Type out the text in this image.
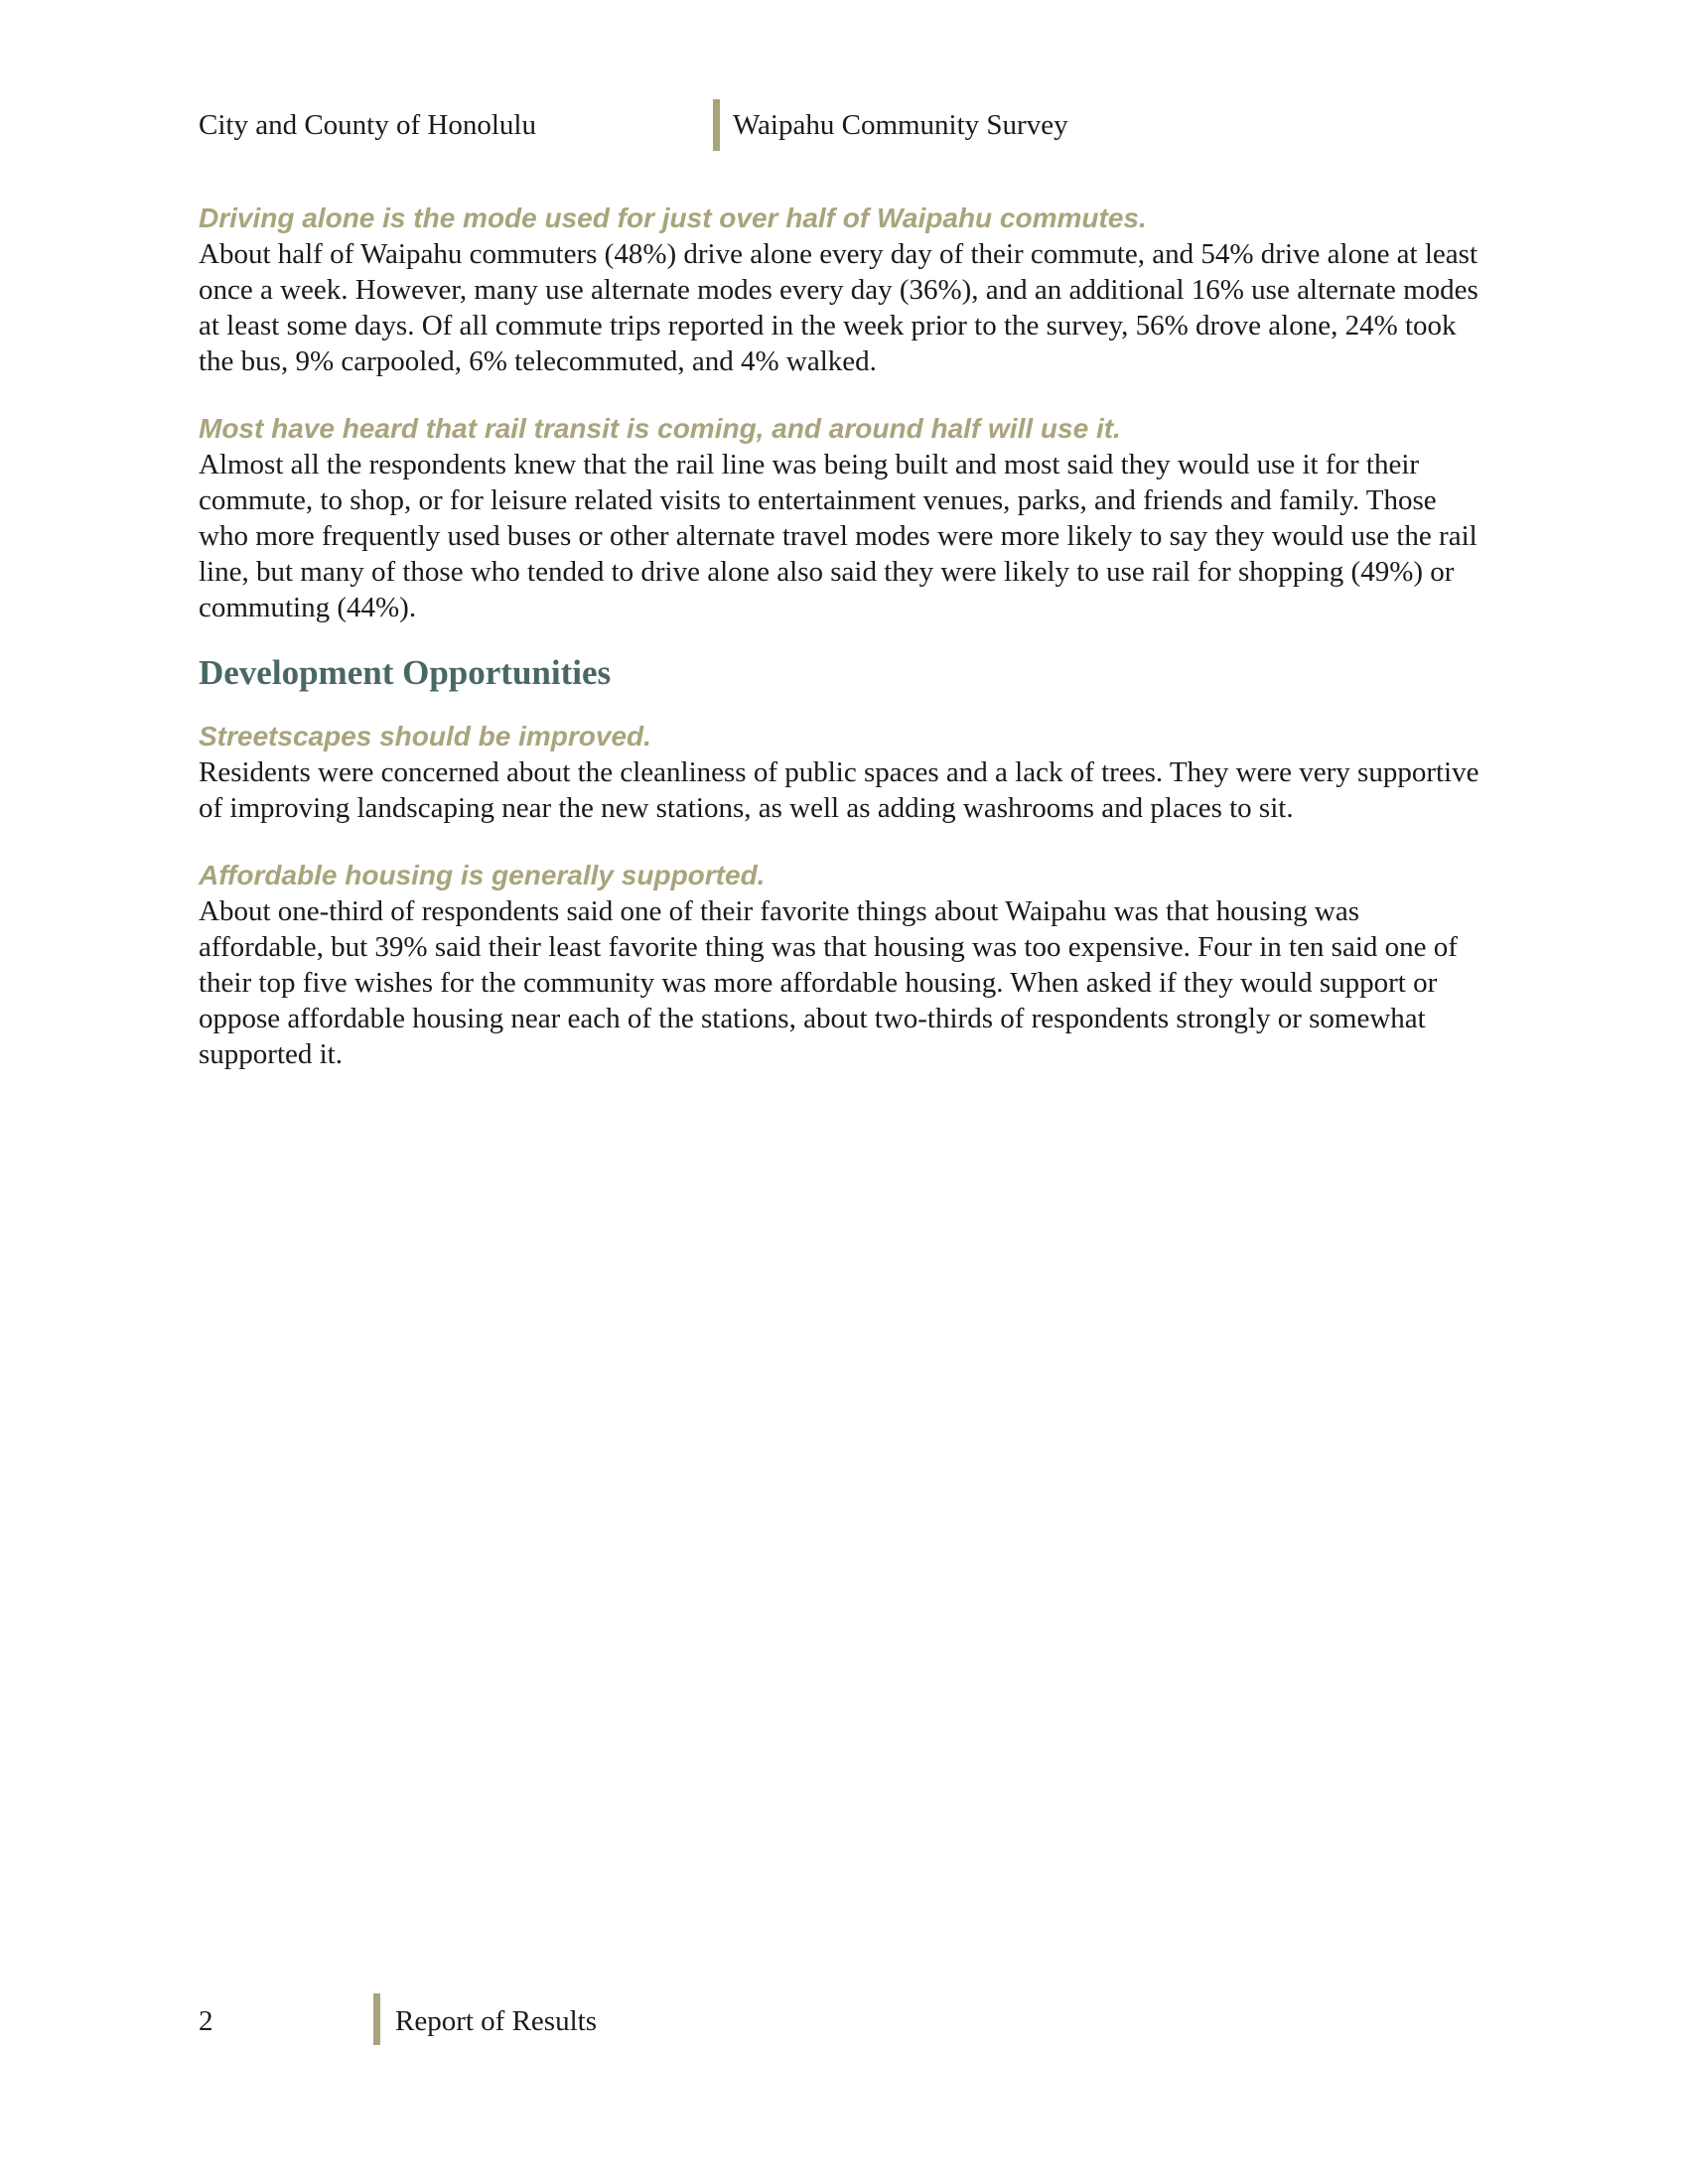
City and County of Honolulu	Waipahu Community Survey

Driving alone is the mode used for just over half of Waipahu commutes.

About half of Waipahu commuters (48%) drive alone every day of their commute, and 54% drive alone at least once a week. However, many use alternate modes every day (36%), and an additional 16% use alternate modes at least some days. Of all commute trips reported in the week prior to the survey, 56% drove alone, 24% took the bus, 9% carpooled, 6% telecommuted, and 4% walked.

Most have heard that rail transit is coming, and around half will use it.

Almost all the respondents knew that the rail line was being built and most said they would use it for their commute, to shop, or for leisure related visits to entertainment venues, parks, and friends and family. Those who more frequently used buses or other alternate travel modes were more likely to say they would use the rail line, but many of those who tended to drive alone also said they were likely to use rail for shopping (49%) or commuting (44%).

Development Opportunities

Streetscapes should be improved.

Residents were concerned about the cleanliness of public spaces and a lack of trees. They were very supportive of improving landscaping near the new stations, as well as adding washrooms and places to sit.

Affordable housing is generally supported.

About one-third of respondents said one of their favorite things about Waipahu was that housing was affordable, but 39% said their least favorite thing was that housing was too expensive. Four in ten said one of their top five wishes for the community was more affordable housing. When asked if they would support or oppose affordable housing near each of the stations, about two-thirds of respondents strongly or somewhat supported it.

2	Report of Results
